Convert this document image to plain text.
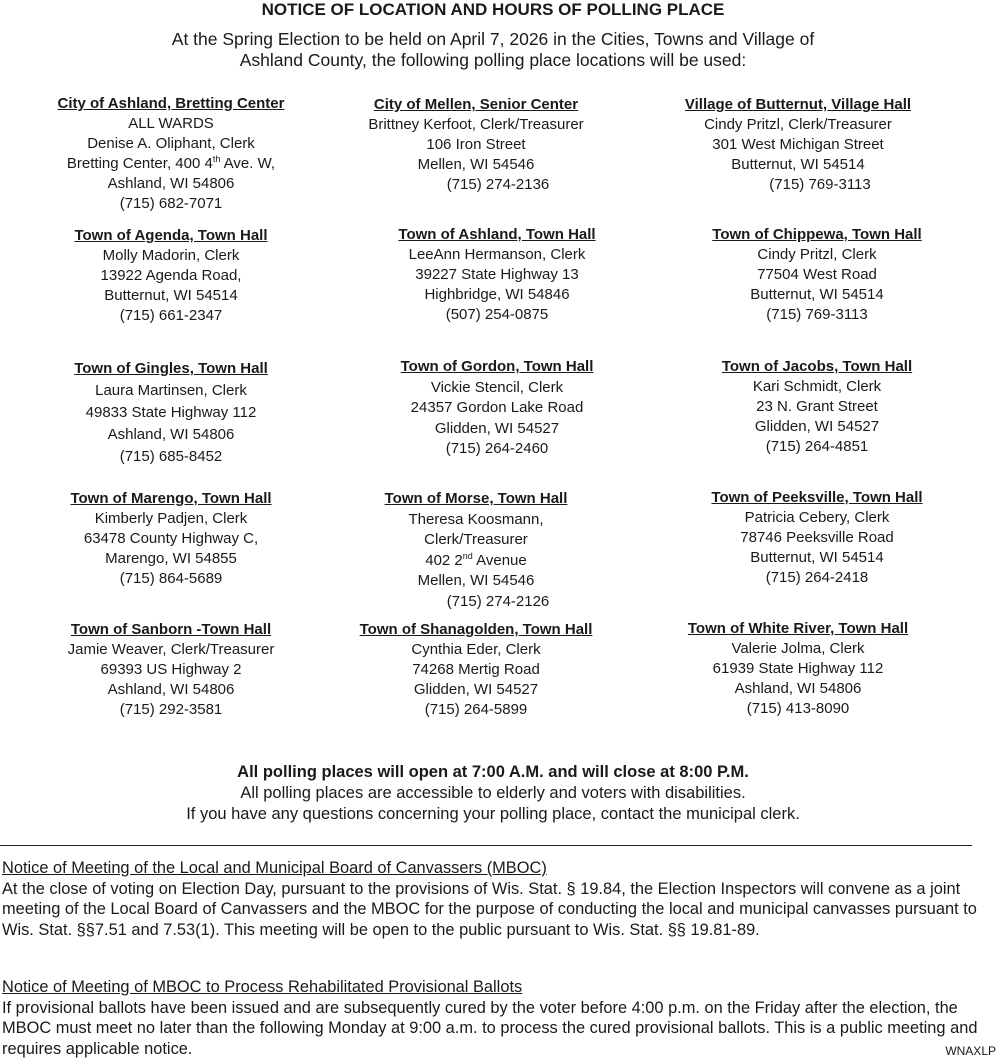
NOTICE OF LOCATION AND HOURS OF POLLING PLACE
At the Spring Election to be held on April 7, 2026 in the Cities, Towns and Village of
Ashland County, the following polling place locations will be used:
City of Ashland, Bretting Center
ALL WARDS
Denise A. Oliphant, Clerk
Bretting Center, 400 4th Ave. W,
Ashland, WI 54806
(715) 682-7071
City of Mellen, Senior Center
Brittney Kerfoot, Clerk/Treasurer
106 Iron Street
Mellen, WI 54546
(715) 274-2136
Village of Butternut, Village Hall
Cindy Pritzl, Clerk/Treasurer
301 West Michigan Street
Butternut, WI 54514
(715) 769-3113
Town of Agenda, Town Hall
Molly Madorin, Clerk
13922 Agenda Road,
Butternut, WI 54514
(715) 661-2347
Town of Ashland, Town Hall
LeeAnn Hermanson, Clerk
39227 State Highway 13
Highbridge, WI 54846
(507) 254-0875
Town of Chippewa, Town Hall
Cindy Pritzl, Clerk
77504 West Road
Butternut, WI 54514
(715) 769-3113
Town of Gingles, Town Hall
Laura Martinsen, Clerk
49833 State Highway 112
Ashland, WI 54806
(715) 685-8452
Town of Gordon, Town Hall
Vickie Stencil, Clerk
24357 Gordon Lake Road
Glidden, WI 54527
(715) 264-2460
Town of Jacobs, Town Hall
Kari Schmidt, Clerk
23 N. Grant Street
Glidden, WI 54527
(715) 264-4851
Town of Marengo, Town Hall
Kimberly Padjen, Clerk
63478 County Highway C,
Marengo, WI 54855
(715) 864-5689
Town of Morse, Town Hall
Theresa Koosmann,
Clerk/Treasurer
402 2nd Avenue
Mellen, WI 54546
(715) 274-2126
Town of Peeksville, Town Hall
Patricia Cebery, Clerk
78746 Peeksville Road
Butternut, WI 54514
(715) 264-2418
Town of Sanborn -Town Hall
Jamie Weaver, Clerk/Treasurer
69393 US Highway 2
Ashland, WI 54806
(715) 292-3581
Town of Shanagolden, Town Hall
Cynthia Eder, Clerk
74268 Mertig Road
Glidden, WI 54527
(715) 264-5899
Town of White River, Town Hall
Valerie Jolma, Clerk
61939 State Highway 112
Ashland, WI 54806
(715) 413-8090
All polling places will open at 7:00 A.M. and will close at 8:00 P.M.
All polling places are accessible to elderly and voters with disabilities.
If you have any questions concerning your polling place, contact the municipal clerk.
Notice of Meeting of the Local and Municipal Board of Canvassers (MBOC)
At the close of voting on Election Day, pursuant to the provisions of Wis. Stat. § 19.84, the Election Inspectors will convene as a joint meeting of the Local Board of Canvassers and the MBOC for the purpose of conducting the local and municipal canvasses pursuant to Wis. Stat. §§7.51 and 7.53(1). This meeting will be open to the public pursuant to Wis. Stat. §§ 19.81-89.
Notice of Meeting of MBOC to Process Rehabilitated Provisional Ballots
If provisional ballots have been issued and are subsequently cured by the voter before 4:00 p.m. on the Friday after the election, the MBOC must meet no later than the following Monday at 9:00 a.m. to process the cured provisional ballots. This is a public meeting and requires applicable notice.	WNAXLP
